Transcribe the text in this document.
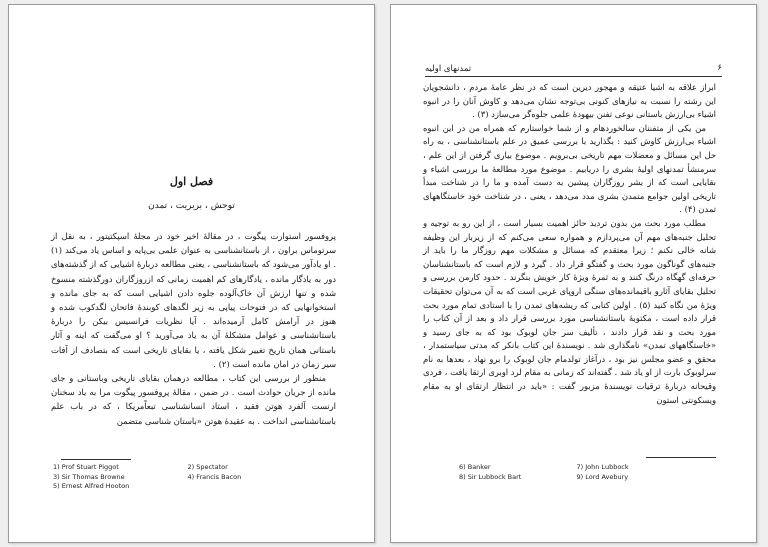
فصل اول
توحش ، بربریت ، تمدن

پروفسور استوارت پیگوت ، در مقالهٔ اخیر خود در مجلهٔ اسپکتیتور ، به نقل از سرتوماس براون ، از باستانشناسی به عنوان علمی بی‌پایه و اساس یاد می‌کند (۱) . او یادآور می‌شود که باستانشناسی ، یعنی مطالعه دربارهٔ اشیایی که از گذشته‌های دور به یادگار مانده ، یادگارهای کم اهمیت زمانی که ازروزگاران دورگذشته منسوخ شده و تنها ارزش آن خاک‌آلوده جلوه دادن اشیایی است که به جای مانده و استخوانهایی که در فتوحات پیاپی به زیر لگدهای کوبندهٔ فاتحان لگدکوب شده و هنوز در آرامش کامل آرمیده‌اند . آیا نظریات فرانسیس بیکن را دربارهٔ باستانشناسی و عوامل متشکلهٔ آن به یاد می‌آورید ؟ او می‌گفت که اینه و آثار باستانی همان تاریخ تغییر شکل یافته ، یا بقایای تاریخی است که بتصادف از آفات سیر زمان در امان مانده است (۲) .

منظور از بررسی این کتاب ، مطالعه درهمان بقایای تاریخی وباستانی و جای مانده از جریان حوادث است . در ضمن ، مقالهٔ پروفسور پیگوت مرا به یاد سخنان ارنست آلفرد هوتن فقید ، استاد انسانشناسی تبعاًمریکا ، که در باب علم باستانشناسی انداخت . به عقیدهٔ هوتن «باستان شناسی متضمن

1) Prof Stuart Piggot	2) Spectator
3) Sir Thomas Browne	4) Francis Bacon
5) Ernest Alfred Hooton
۶
تمدنهای اولیه

ابراز علاقه به اشیا عتیقه و مهجور دیرین است که در نظر عامهٔ مردم ، دانشجویان این رشته را نسبت به نیازهای کنونی بی‌توجه نشان می‌دهد و کاوش آنان را در انبوه اشیاء بی‌ارزش باستانی نوعی تفنن بیهودهٔ علمی جلوه‌گر می‌سازد (۳) .

من یکی از متفننان سالخوردهام و از شما خواستارم که همراه من در این انبوه اشیاء بی‌ارزش کاوش کنید : بگذارید با بررسی عمیق در علم باستانشناسی ، به راه حل این مسائل و معضلات مهم تاریخی بی‌برویم . موضوع بیاری گرفتن از این علم ، سرمنشأ تمدنهای اولیهٔ بشری را دریابیم . موضوع مورد مطالعهٔ ما بررسی اشیاء و بقایایی است که از بشر روزگاران پیشین به دست آمده و ما را در شناخت مبدأ تاریخی اولین جوامع متمدن بشری مدد می‌دهد ، یعنی ، در شناخت خود خاستگاههای تمدن (۴) .

مطلب مورد بحث من بدون تردید حائز اهمیت بسیار است ، از این رو به توجیه و تحلیل جنبه‌های مهم آن می‌پردازم و همواره سعی می‌کنم که از زیربار این وظیفه شانه خالی نکنم ؛ زیرا معتقدم که مسائل و مشکلات مهم روزگار ما را باید از جنبه‌های گوناگون مورد بحث و گفتگو قرار داد . گیرد و لازم است که باستانشناسان حرفه‌ای گهگاه درنگ کنند و به ثمرهٔ ویژهٔ کار خویش بنگرند . حدود کارمن بررسی و تحلیل بقایای آثارو باقیمانده‌های سنگی اروپای غربی است که به آن می‌توان تحقیقات ویژهٔ من نگاه کنید (۵) . اولین کتابی که ریشه‌های تمدن را با استادی تمام مورد بحث قرار داده است ، مکتوبهٔ باستانشناسی مورد بررسی قرار داد و بعد از آن کتاب را مورد بحث و نقد قرار دادند ، تألیف سر جان لوبوک بود که به جای رسید و «خاستگاههای تمدن» نامگذاری شد . نویسندهٔ این کتاب بانکر که مدتی سیاستمدار ، محقق و عضو مجلس نیز بود ، درآغاز تولدمام جان لوبوک را برو نهاد ، بعدها به نام سرلوبوک بارت از او یاد شد . گفته‌اند که زمانی به مقام لرد اوبری ارتقا یافت ، فردی وقیحانه دربارهٔ ترقیات نویسندهٔ مزبور گفت : «باید در انتظار ارتقای او به مقام ویسکونتی استون

6) Banker	7) John Lubbock
8) Sir Lubbock Bart	9) Lord Avebury
